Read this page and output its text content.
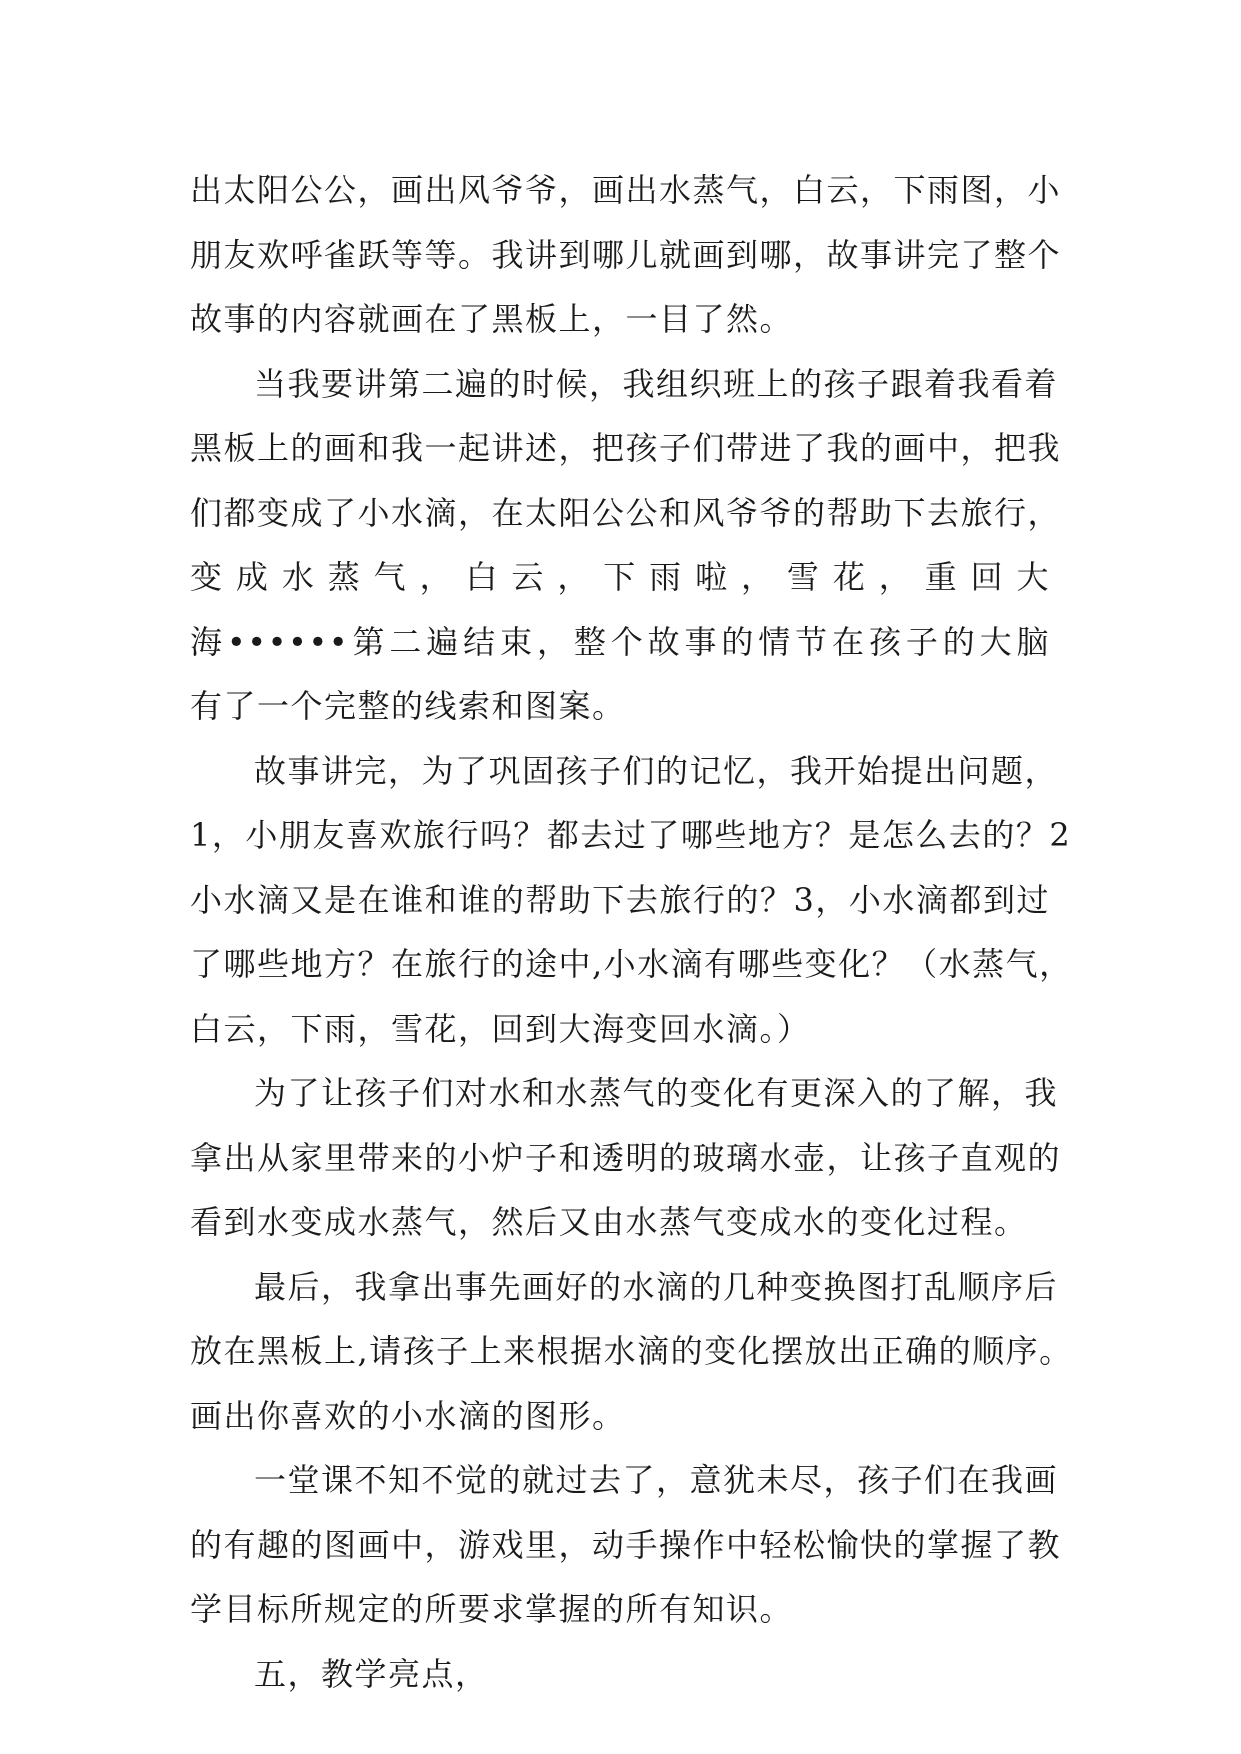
出太阳公公，画出风爷爷，画出水蒸气，白云，下雨图，小
朋友欢呼雀跃等等。我讲到哪儿就画到哪，故事讲完了整个
故事的内容就画在了黑板上，一目了然。
当我要讲第二遍的时候，我组织班上的孩子跟着我看着
黑板上的画和我一起讲述，把孩子们带进了我的画中，把我
们都变成了小水滴，在太阳公公和风爷爷的帮助下去旅行，
变成水蒸气，白云，下雨啦，雪花，重回大
海••••••第二遍结束，整个故事的情节在孩子的大脑
有了一个完整的线索和图案。
故事讲完，为了巩固孩子们的记忆，我开始提出问题，
1，小朋友喜欢旅行吗？都去过了哪些地方？是怎么去的？2
小水滴又是在谁和谁的帮助下去旅行的？3，小水滴都到过
了哪些地方？在旅行的途中,小水滴有哪些变化？（水蒸气，
白云，下雨，雪花，回到大海变回水滴。）
为了让孩子们对水和水蒸气的变化有更深入的了解，我
拿出从家里带来的小炉子和透明的玻璃水壶，让孩子直观的
看到水变成水蒸气，然后又由水蒸气变成水的变化过程。
最后，我拿出事先画好的水滴的几种变换图打乱顺序后
放在黑板上,请孩子上来根据水滴的变化摆放出正确的顺序。
画出你喜欢的小水滴的图形。
一堂课不知不觉的就过去了，意犹未尽，孩子们在我画
的有趣的图画中，游戏里，动手操作中轻松愉快的掌握了教
学目标所规定的所要求掌握的所有知识。
五，教学亮点，
